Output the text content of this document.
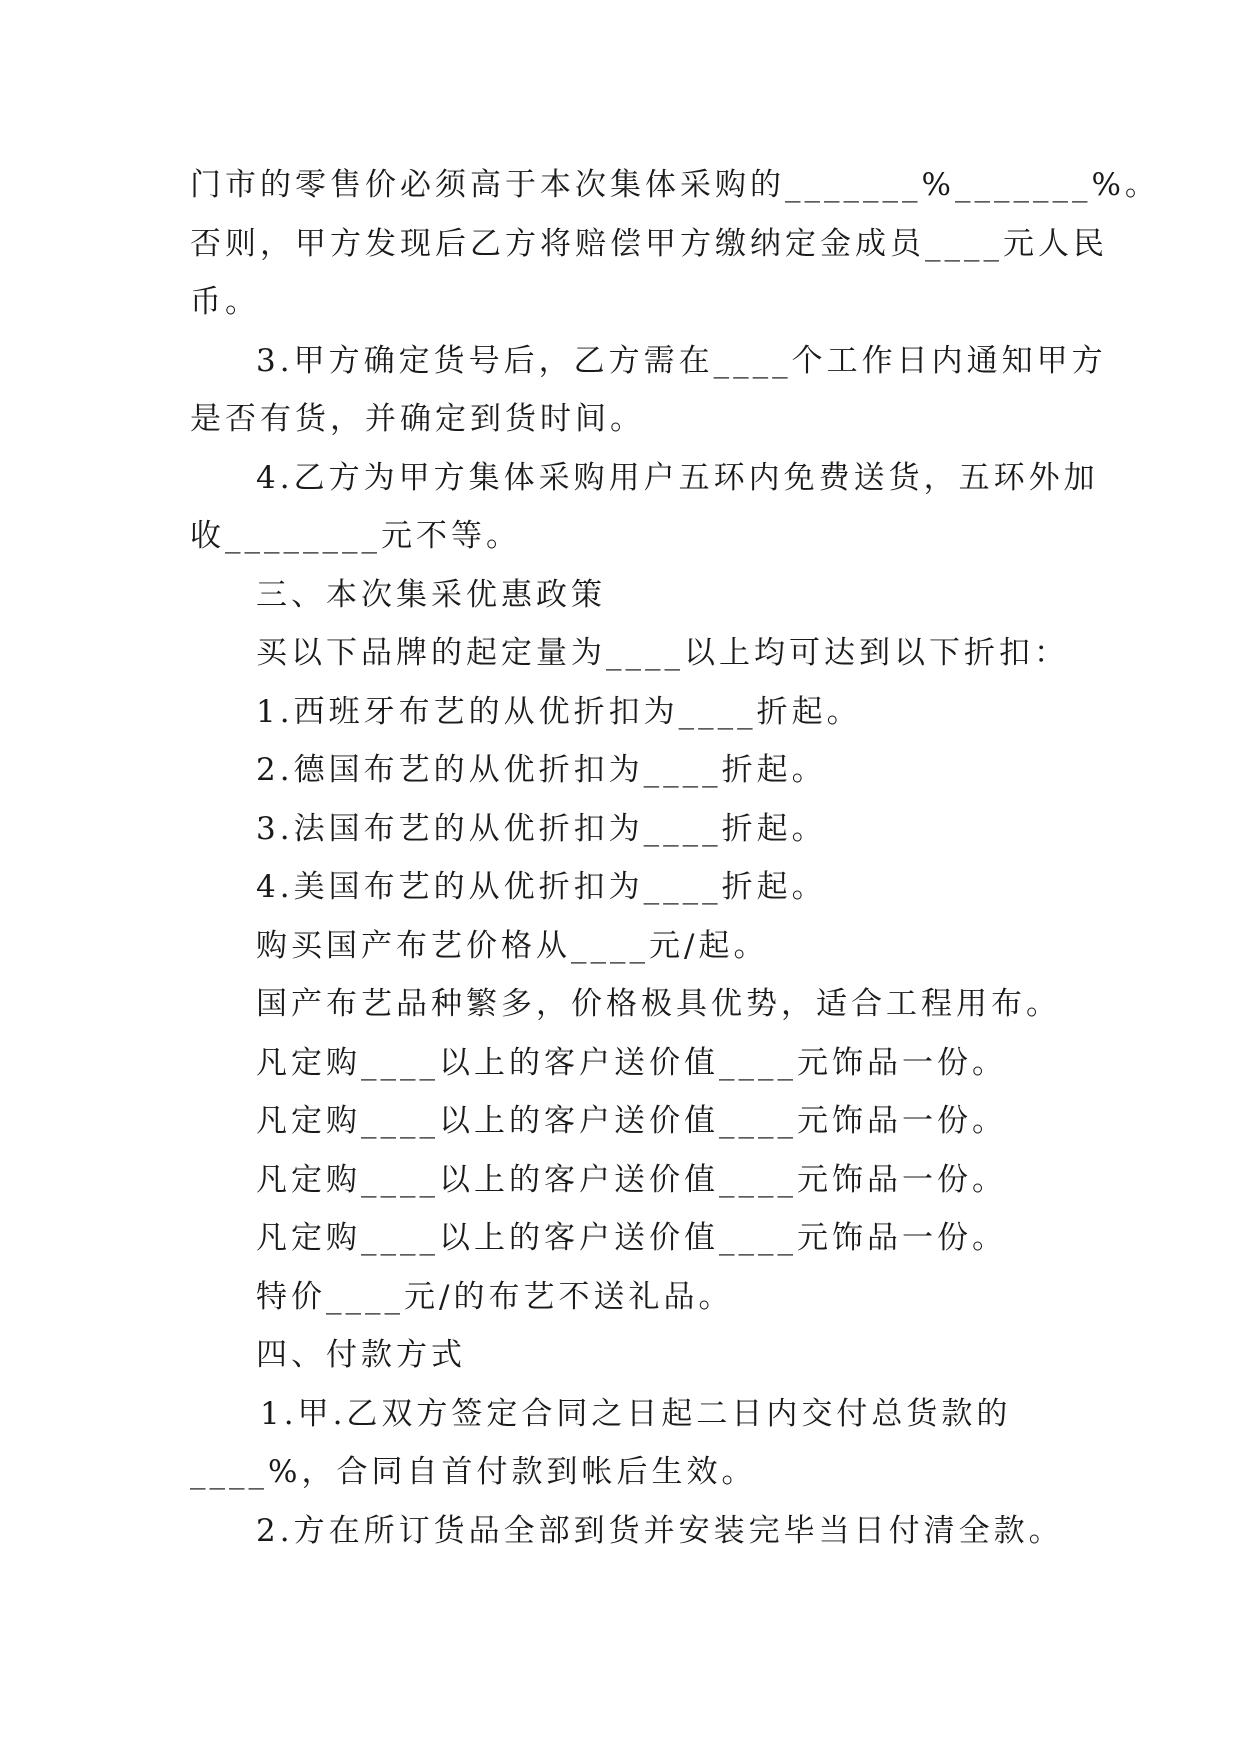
门市的零售价必须高于本次集体采购的_______%_______%。
否则，甲方发现后乙方将赔偿甲方缴纳定金成员____元人民
币。
3.甲方确定货号后，乙方需在____个工作日内通知甲方
是否有货，并确定到货时间。
4.乙方为甲方集体采购用户五环内免费送货，五环外加
收________元不等。
三、本次集采优惠政策
买以下品牌的起定量为____以上均可达到以下折扣：
1.西班牙布艺的从优折扣为____折起。
2.德国布艺的从优折扣为____折起。
3.法国布艺的从优折扣为____折起。
4.美国布艺的从优折扣为____折起。
购买国产布艺价格从____元/起。
国产布艺品种繁多，价格极具优势，适合工程用布。
凡定购____以上的客户送价值____元饰品一份。
凡定购____以上的客户送价值____元饰品一份。
凡定购____以上的客户送价值____元饰品一份。
凡定购____以上的客户送价值____元饰品一份。
特价____元/的布艺不送礼品。
四、付款方式
1.甲.乙双方签定合同之日起二日内交付总货款的
____%，合同自首付款到帐后生效。
2.方在所订货品全部到货并安装完毕当日付清全款。
